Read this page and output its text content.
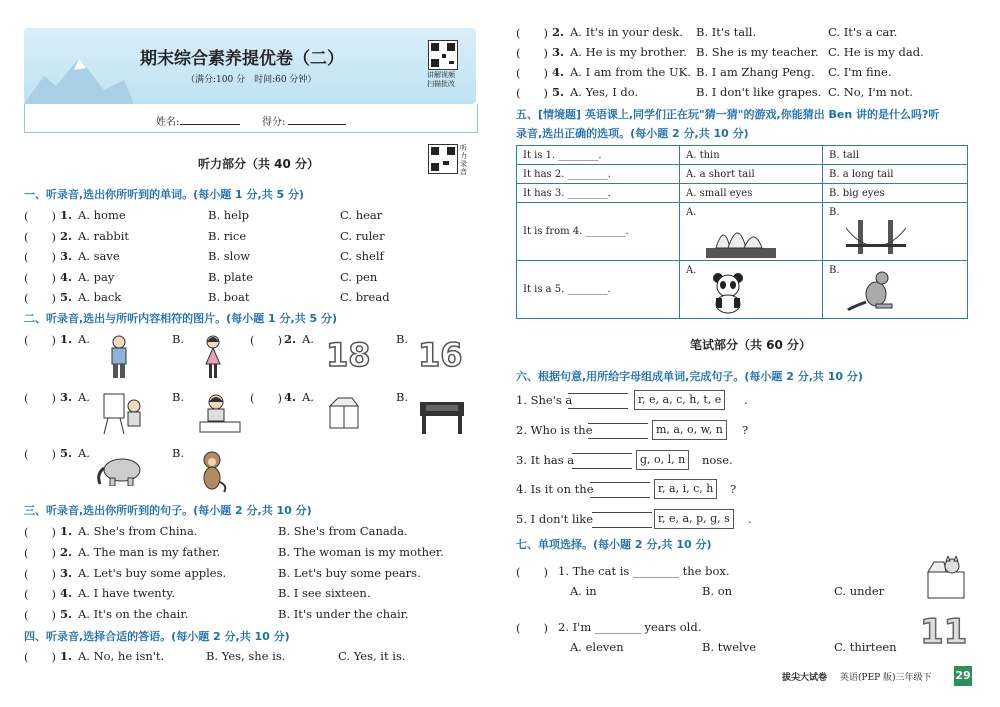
期末综合素养提优卷（二）
（满分:100 分　时间:60 分钟）	讲解视频
扫描批改
姓名:	得分:
听力录音
听力部分（共 40 分）
一、听录音,选出你所听到的单词。(每小题 1 分,共 5 分)
(　　) 1. A. home	B. help	C. hear
(　　) 2. A. rabbit	B. rice	C. ruler
(　　) 3. A. save	B. slow	C. shelf
(　　) 4. A. pay	B. plate	C. pen
(　　) 5. A. back	B. boat	C. bread
二、听录音,选出与所听内容相符的图片。(每小题 1 分,共 5 分)
(　　) 1. A.	B.	(　　) 2. A. 18 B. 16
(　　) 3. A.	B.	(　　) 4. A.	B.
(　　) 5. A.	B.
三、听录音,选出你所听到的句子。(每小题 2 分,共 10 分)
(　　) 1. A. She's from China.	B. She's from Canada.
(　　) 2. A. The man is my father.	B. The woman is my mother.
(　　) 3. A. Let's buy some apples.	B. Let's buy some pears.
(　　) 4. A. I have twenty.	B. I see sixteen.
(　　) 5. A. It's on the chair.	B. It's under the chair.
四、听录音,选择合适的答语。(每小题 2 分,共 10 分)
(　　) 1. A. No, he isn't.	B. Yes, she is.	C. Yes, it is.
(　　) 2. A. It's in your desk. B. It's tall.	C. It's a car.
(　　) 3. A. He is my brother. B. She is my teacher. C. He is my dad.
(　　) 4. A. I am from the UK. B. I am Zhang Peng. C. I'm fine.
(　　) 5. A. Yes, I do.	B. I don't like grapes. C. No, I'm not.
五、[情境题] 英语课上,同学们正在玩"猜一猜"的游戏,你能猜出 Ben 讲的是什么吗?听
录音,选出正确的选项。(每小题 2 分,共 10 分)
It is 1. ________.	A. thin	B. tall
It has 2. ________.	A. a short tail	B. a long tail
It has 3. ________.	A. small eyes	B. big eyes
It is from 4. ________.	A.	B.
It is a 5. ________.	A.	B.
笔试部分（共 60 分）
六、根据句意,用所给字母组成单词,完成句子。(每小题 2 分,共 10 分)
1. She's a	r, e, a, c, h, t, e	.
2. Who is the	m, a, o, w, n	?
3. It has a	g, o, l, n	nose.
4. Is it on the	r, a, i, c, h	?
5. I don't like	r, e, a, p, g, s	.
七、单项选择。(每小题 2 分,共 10 分)
(　　) 1. The cat is ________ the box.
A. in	B. on	C. under
(　　) 2. I'm ________ years old.
A. eleven	B. twelve	C. thirteen 11
拔尖大试卷 英语(PEP 版)三年级下 29
